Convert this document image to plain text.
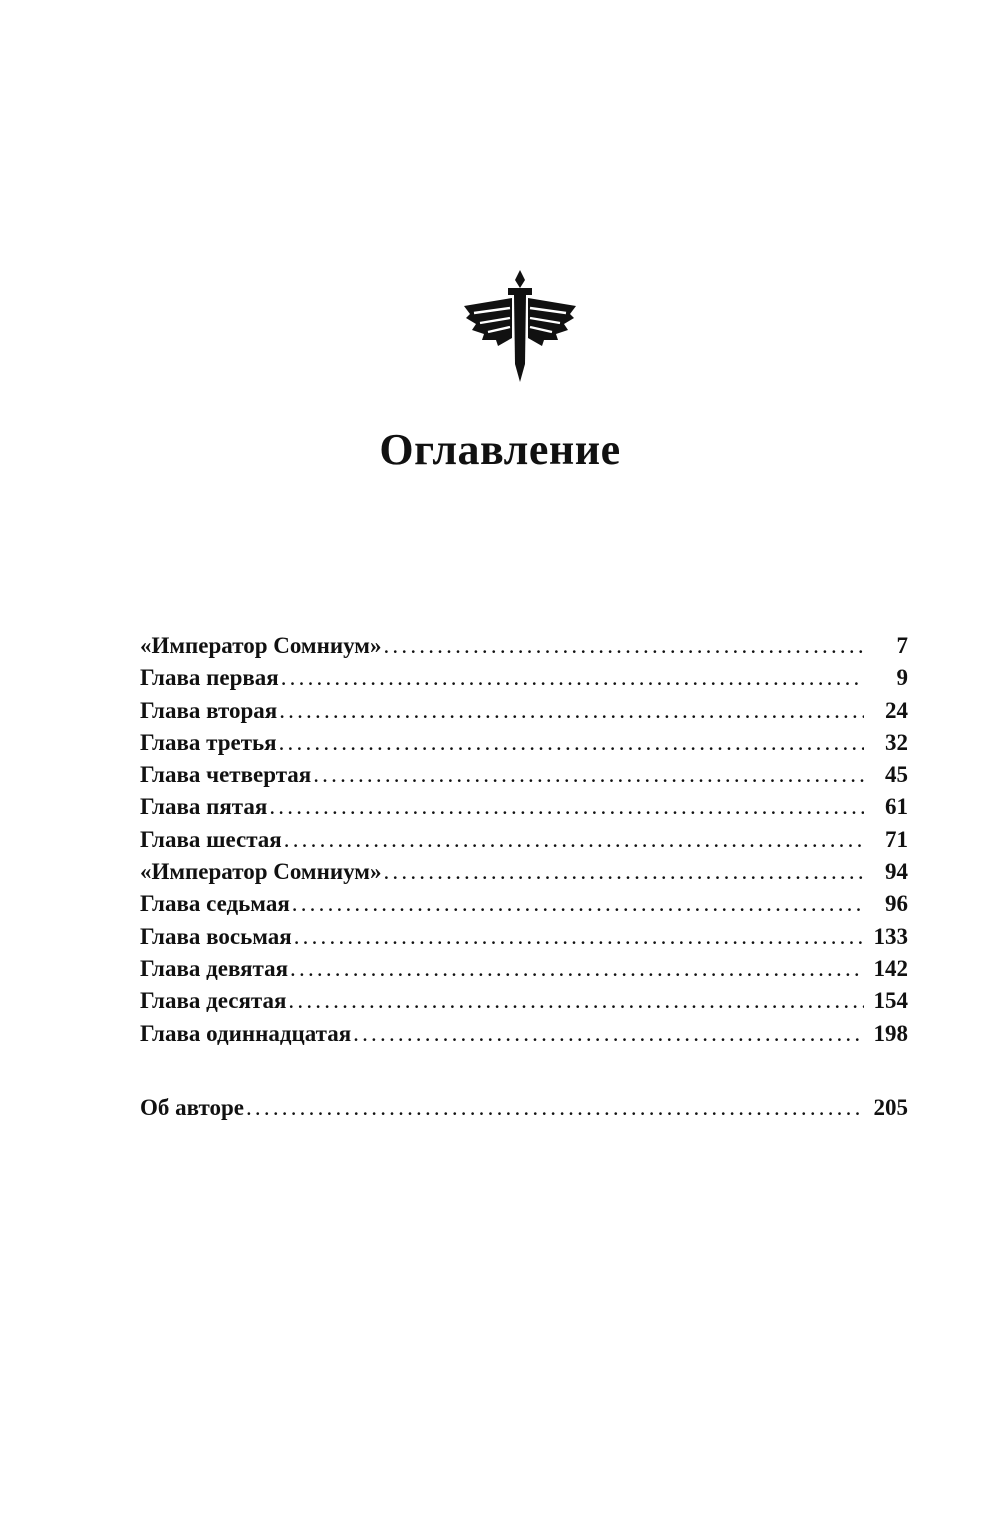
Оглавление
«Император Сомниум» .....	7
Глава первая .....	9
Глава вторая .....	24
Глава третья .....	32
Глава четвертая .....	45
Глава пятая .....	61
Глава шестая .....	71
«Император Сомниум» .....	94
Глава седьмая .....	96
Глава восьмая .....	133
Глава девятая .....	142
Глава десятая .....	154
Глава одиннадцатая .....	198
Об авторе .....	205
